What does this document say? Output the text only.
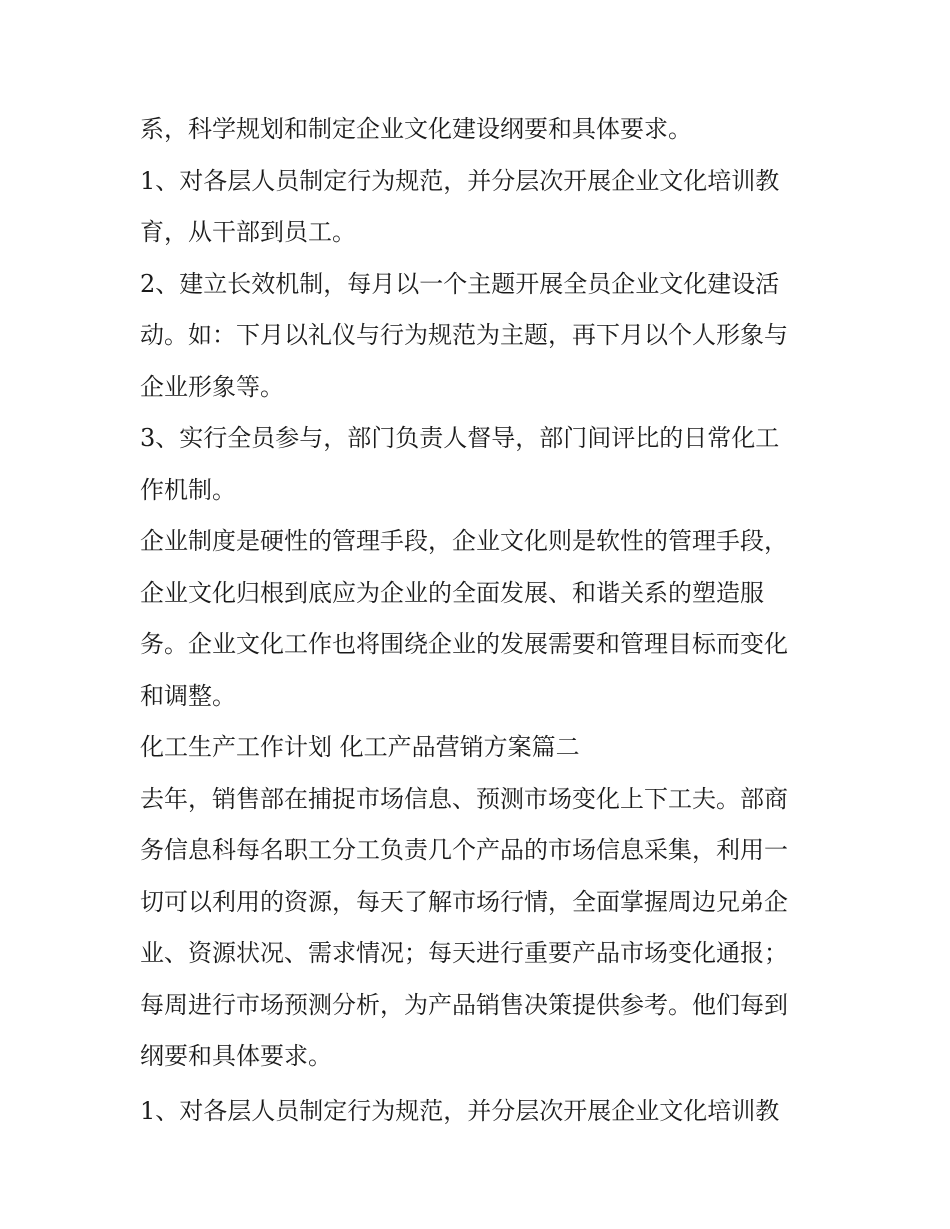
系，科学规划和制定企业文化建设纲要和具体要求。
1、对各层人员制定行为规范，并分层次开展企业文化培训教
育，从干部到员工。
2、建立长效机制，每月以一个主题开展全员企业文化建设活
动。如：下月以礼仪与行为规范为主题，再下月以个人形象与
企业形象等。
3、实行全员参与，部门负责人督导，部门间评比的日常化工
作机制。
企业制度是硬性的管理手段，企业文化则是软性的管理手段，
企业文化归根到底应为企业的全面发展、和谐关系的塑造服
务。企业文化工作也将围绕企业的发展需要和管理目标而变化
和调整。
化工生产工作计划 化工产品营销方案篇二
去年，销售部在捕捉市场信息、预测市场变化上下工夫。部商
务信息科每名职工分工负责几个产品的市场信息采集，利用一
切可以利用的资源，每天了解市场行情，全面掌握周边兄弟企
业、资源状况、需求情况；每天进行重要产品市场变化通报；
每周进行市场预测分析，为产品销售决策提供参考。他们每到
纲要和具体要求。
1、对各层人员制定行为规范，并分层次开展企业文化培训教
